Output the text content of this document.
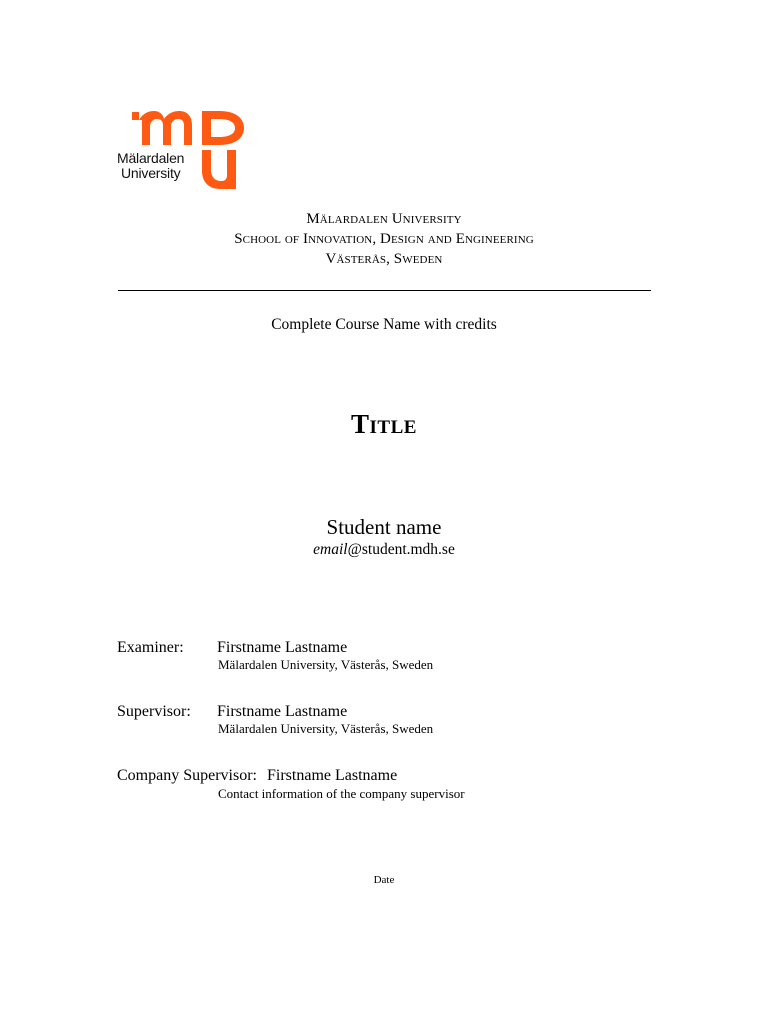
Mälardalen
University
Mälardalen University
School of Innovation, Design and Engineering
Västerås, Sweden
Complete Course Name with credits
Title
Student name
email@student.mdh.se
Examiner: Firstname Lastname
Mälardalen University, Västerås, Sweden
Supervisor: Firstname Lastname
Mälardalen University, Västerås, Sweden
Company Supervisor: Firstname Lastname
Contact information of the company supervisor
Date
